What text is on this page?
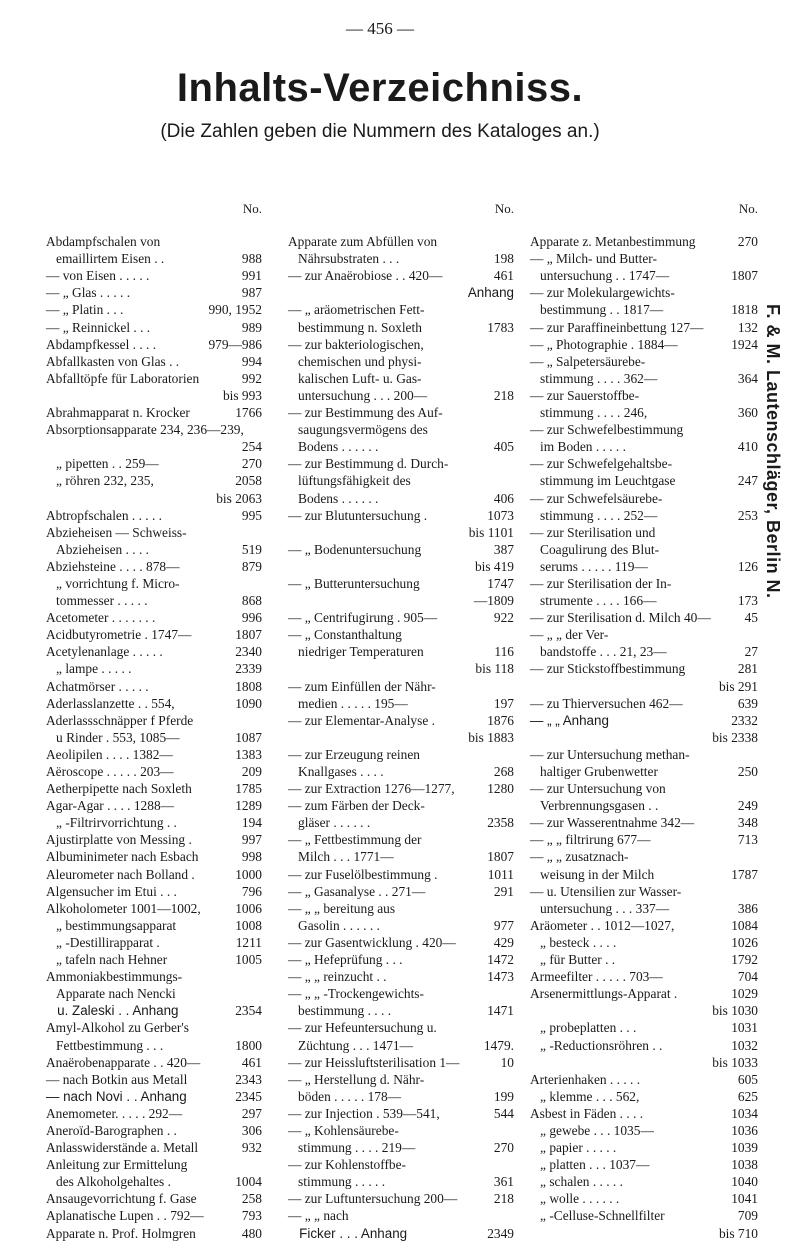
— 456 —
Inhalts-Verzeichniss.
(Die Zahlen geben die Nummern des Kataloges an.)
No.
Abdampfschalen von

emaillirtem Eisen . .	988
— von Eisen . . . . .	991
— „ Glas . . . . .	987
— „ Platin . . .	990, 1952
— „ Reinnickel . . .	989
Abdampfkessel . . . .	979—986
Abfallkasten von Glas . .	994
Abfalltöpfe für Laboratorien	992

bis 993
Abrahmapparat n. Krocker	1766
Absorptionsapparate 234, 236—239,

254
„ pipetten . . 259—	270
„ röhren 232, 235,	2058

bis 2063
Abtropfschalen . . . . .	995
Abzieheisen — Schweiss-

Abzieheisen . . . .	519
Abziehsteine . . . . 878—	879
„ vorrichtung f. Micro-

tommesser . . . . .	868
Acetometer . . . . . . .	996
Acidbutyrometrie . 1747—	1807
Acetylenanlage . . . . .	2340
„ lampe . . . . .	2339
Achatmörser . . . . .	1808
Aderlasslanzette . . 554,	1090
Aderlassschnäpper f Pferde

u Rinder . 553, 1085—	1087
Aeolipilen . . . . 1382—	1383
Aëroscope . . . . . 203—	209
Aetherpipette nach Soxleth	1785
Agar-Agar . . . . 1288—	1289
„ -Filtrirvorrichtung . .	194
Ajustirplatte von Messing .	997
Albuminimeter nach Esbach	998
Aleurometer nach Bolland .	1000
Algensucher im Etui . . .	796
Alkoholometer 1001—1002,	1006
„ bestimmungsapparat	1008
„ -Destillirapparat .	1211
„ tafeln nach Hehner	1005
Ammoniakbestimmungs-

Apparate nach Nencki

u. Zaleski . . Anhang	2354
Amyl-Alkohol zu Gerber's

Fettbestimmung . . .	1800
Anaërobenapparate . . 420—	461
— nach Botkin aus Metall	2343
— nach Novi . . Anhang	2345
Anemometer. . . . . 292—	297
Aneroïd-Barographen . .	306
Anlasswiderstände a. Metall	932
Anleitung zur Ermittelung

des Alkoholgehaltes .	1004
Ansaugevorrichtung f. Gase	258
Aplanatische Lupen . . 792—	793
Apparate n. Prof. Holmgren	480
No.
Apparate zum Abfüllen von

Nährsubstraten . . .	198
— zur Anaërobiose . . 420—	461

Anhang
— „ aräometrischen Fett-

bestimmung n. Soxleth	1783
— zur bakteriologischen,

chemischen und physi-

kalischen Luft- u. Gas-

untersuchung . . . 200—	218
— zur Bestimmung des Auf-

saugungsvermögens des

Bodens . . . . . .	405
— zur Bestimmung d. Durch-

lüftungsfähigkeit des

Bodens . . . . . .	406
— zur Blutuntersuchung .	1073

bis 1101
— „ Bodenuntersuchung	387

bis 419
— „ Butteruntersuchung	1747

—1809
— „ Centrifugirung . 905—	922
— „ Constanthaltung

niedriger Temperaturen	116

bis 118
— zum Einfüllen der Nähr-

medien . . . . . 195—	197
— zur Elementar-Analyse .	1876

bis 1883
— zur Erzeugung reinen

Knallgases . . . .	268
— zur Extraction 1276—1277,	1280
— zum Färben der Deck-

gläser . . . . . .	2358
— „ Fettbestimmung der

Milch . . . 1771—	1807
— zur Fuselölbestimmung .	1011
— „ Gasanalyse . . 271—	291
— „ „ bereitung aus

Gasolin . . . . . .	977
— zur Gasentwicklung . 420—	429
— „ Hefeprüfung . . .	1472
— „ „ reinzucht . .	1473
— „ „ -Trockengewichts-

bestimmung . . . .	1471
— zur Hefeuntersuchung u.

Züchtung . . . 1471—	1479.
— zur Heissluftsterilisation 1—	10
— „ Herstellung d. Nähr-

böden . . . . . 178—	199
— zur Injection . 539—541,	544
— „ Kohlensäurebe-

stimmung . . . . 219—	270
— zur Kohlenstoffbe-

stimmung . . . . .	361
— zur Luftuntersuchung 200—	218
— „ „ nach

Ficker . . . Anhang	2349
No.
Apparate z. Metanbestimmung	270
— „ Milch- und Butter-

untersuchung . . 1747—	1807
— zur Molekulargewichts-

bestimmung . . 1817—	1818
— zur Paraffineinbettung 127—	132
— „ Photographie . 1884—	1924
— „ Salpetersäurebe-

stimmung . . . . 362—	364
— zur Sauerstoffbe-

stimmung . . . . 246,	360
— zur Schwefelbestimmung

im Boden . . . . .	410
— zur Schwefelgehaltsbe-

stimmung im Leuchtgase	247
— zur Schwefelsäurebe-

stimmung . . . . 252—	253
— zur Sterilisation und

Coagulirung des Blut-

serums . . . . . 119—	126
— zur Sterilisation der In-

strumente . . . . 166—	173
— zur Sterilisation d. Milch 40—	45
— „ „ der Ver-

bandstoffe . . . 21, 23—	27
— zur Stickstoffbestimmung	281

bis 291
— zu Thierversuchen 462—	639
— „ „ Anhang	2332

bis 2338
— zur Untersuchung methan-

haltiger Grubenwetter	250
— zur Untersuchung von

Verbrennungsgasen . .	249
— zur Wasserentnahme 342—	348
— „ „ filtrirung 677—	713
— „ „ zusatznach-

weisung in der Milch	1787
— u. Utensilien zur Wasser-

untersuchung . . . 337—	386
Aräometer . . 1012—1027,	1084
„ besteck . . . .	1026
„ für Butter . .	1792
Armeefilter . . . . . 703—	704
Arsenermittlungs-Apparat .	1029

bis 1030
„ probeplatten . . .	1031
„ -Reductionsröhren . .	1032

bis 1033
Arterienhaken . . . . .	605
„ klemme . . . 562,	625
Asbest in Fäden . . . .	1034
„ gewebe . . . 1035—	1036
„ papier . . . . .	1039
„ platten . . . 1037—	1038
„ schalen . . . . .	1040
„ wolle . . . . . .	1041
„ -Celluse-Schnellfilter	709

bis 710
F. & M. Lautenschläger, Berlin N.
